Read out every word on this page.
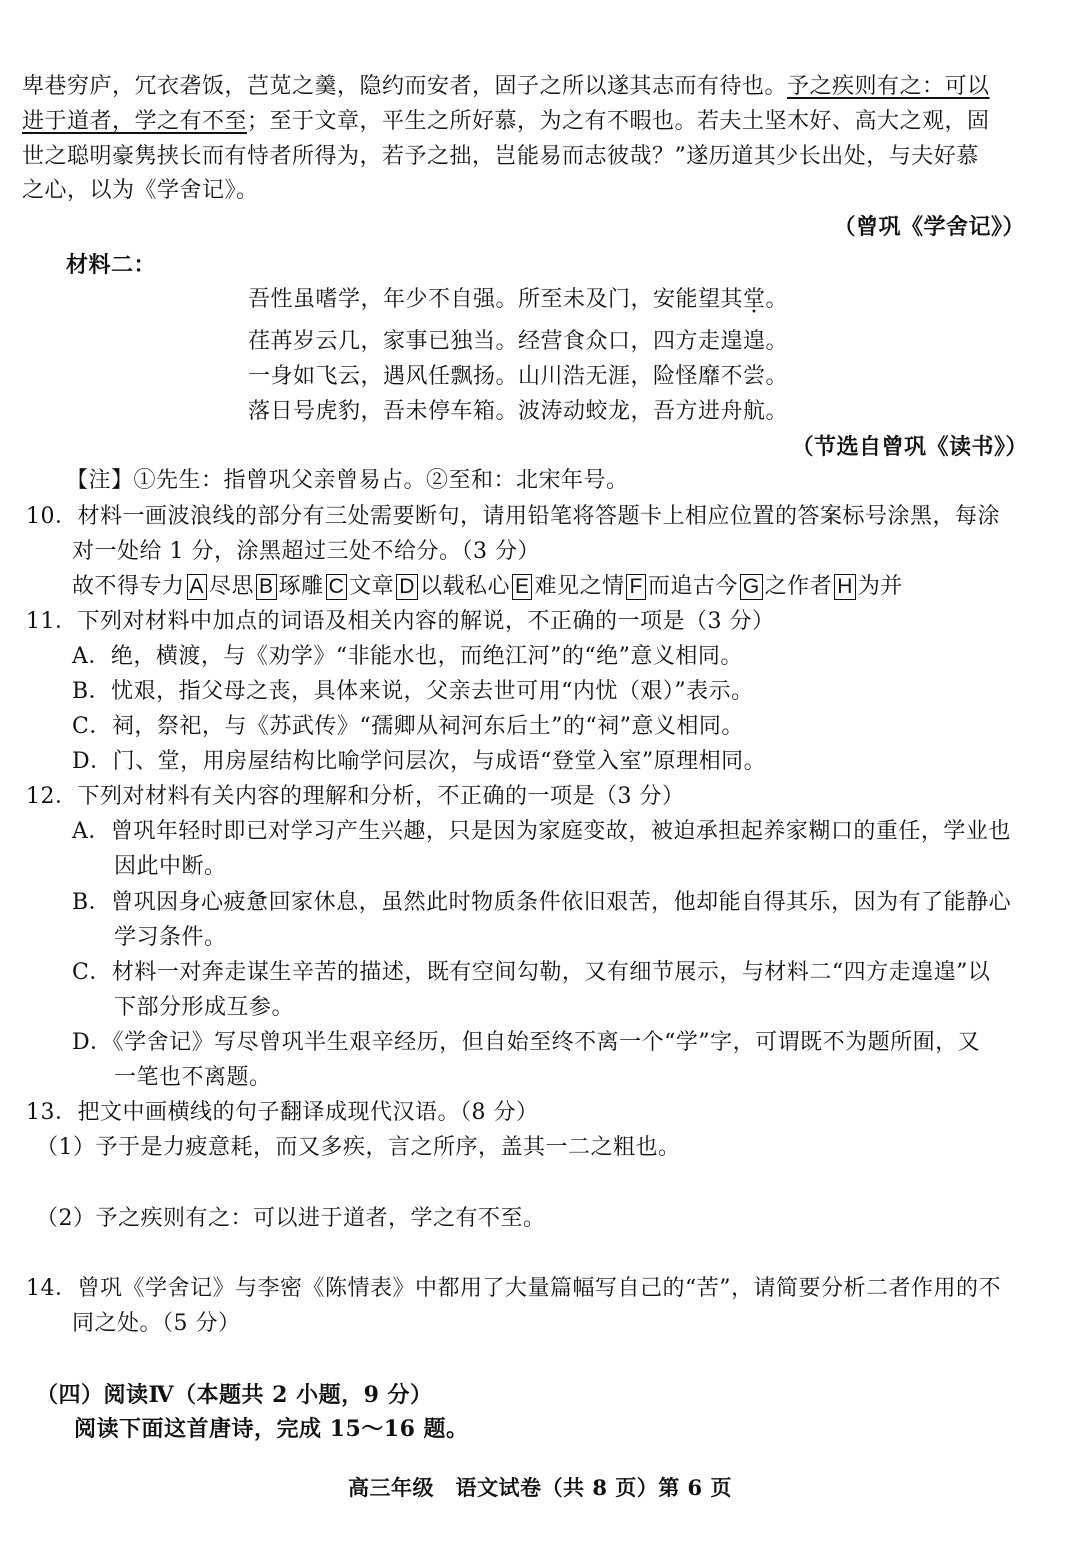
卑巷穷庐，冗衣砻饭，芑苋之羹，隐约而安者，固子之所以遂其志而有待也。予之疾则有之：可以
进于道者，学之有不至；至于文章，平生之所好慕，为之有不暇也。若夫土坚木好、高大之观，固
世之聪明豪隽挟长而有恃者所得为，若予之拙，岂能易而志彼哉？”遂历道其少长出处，与夫好慕
之心，以为《学舍记》。
（曾巩《学舍记》）
材料二：
吾性虽嗜学，年少不自强。所至未及门，安能望其堂。
荏苒岁云几，家事已独当。经营食众口，四方走遑遑。
一身如飞云，遇风任飘扬。山川浩无涯，险怪靡不尝。
落日号虎豹，吾未停车箱。波涛动蛟龙，吾方进舟航。
（节选自曾巩《读书》）
【注】①先生：指曾巩父亲曾易占。②至和：北宋年号。
10．材料一画波浪线的部分有三处需要断句，请用铅笔将答题卡上相应位置的答案标号涂黑，每涂
对一处给 1 分，涂黑超过三处不给分。（3 分）
故不得专力 A 尽思 B 琢雕 C 文章 D 以载私心 E 难见之情 F 而追古今 G 之作者 H 为并
11．下列对材料中加点的词语及相关内容的解说，不正确的一项是（3 分）
A．绝，横渡，与《劝学》“非能水也，而绝江河”的“绝”意义相同。
B．忧艰，指父母之丧，具体来说，父亲去世可用“内忧（艰）”表示。
C．祠，祭祀，与《苏武传》“孺卿从祠河东后土”的“祠”意义相同。
D．门、堂，用房屋结构比喻学问层次，与成语“登堂入室”原理相同。
12．下列对材料有关内容的理解和分析，不正确的一项是（3 分）
A．曾巩年轻时即已对学习产生兴趣，只是因为家庭变故，被迫承担起养家糊口的重任，学业也
因此中断。
B．曾巩因身心疲惫回家休息，虽然此时物质条件依旧艰苦，他却能自得其乐，因为有了能静心
学习条件。
C．材料一对奔走谋生辛苦的描述，既有空间勾勒，又有细节展示，与材料二“四方走遑遑”以
下部分形成互参。
D．《学舍记》写尽曾巩半生艰辛经历，但自始至终不离一个“学”字，可谓既不为题所囿，又
一笔也不离题。
13．把文中画横线的句子翻译成现代汉语。（8 分）
（1）予于是力疲意耗，而又多疾，言之所序，盖其一二之粗也。
（2）予之疾则有之：可以进于道者，学之有不至。
14．曾巩《学舍记》与李密《陈情表》中都用了大量篇幅写自己的“苦”，请简要分析二者作用的不
同之处。（5 分）
（四）阅读Ⅳ（本题共 2 小题，9 分）
阅读下面这首唐诗，完成 15～16 题。
高三年级　语文试卷（共 8 页）第 6 页
